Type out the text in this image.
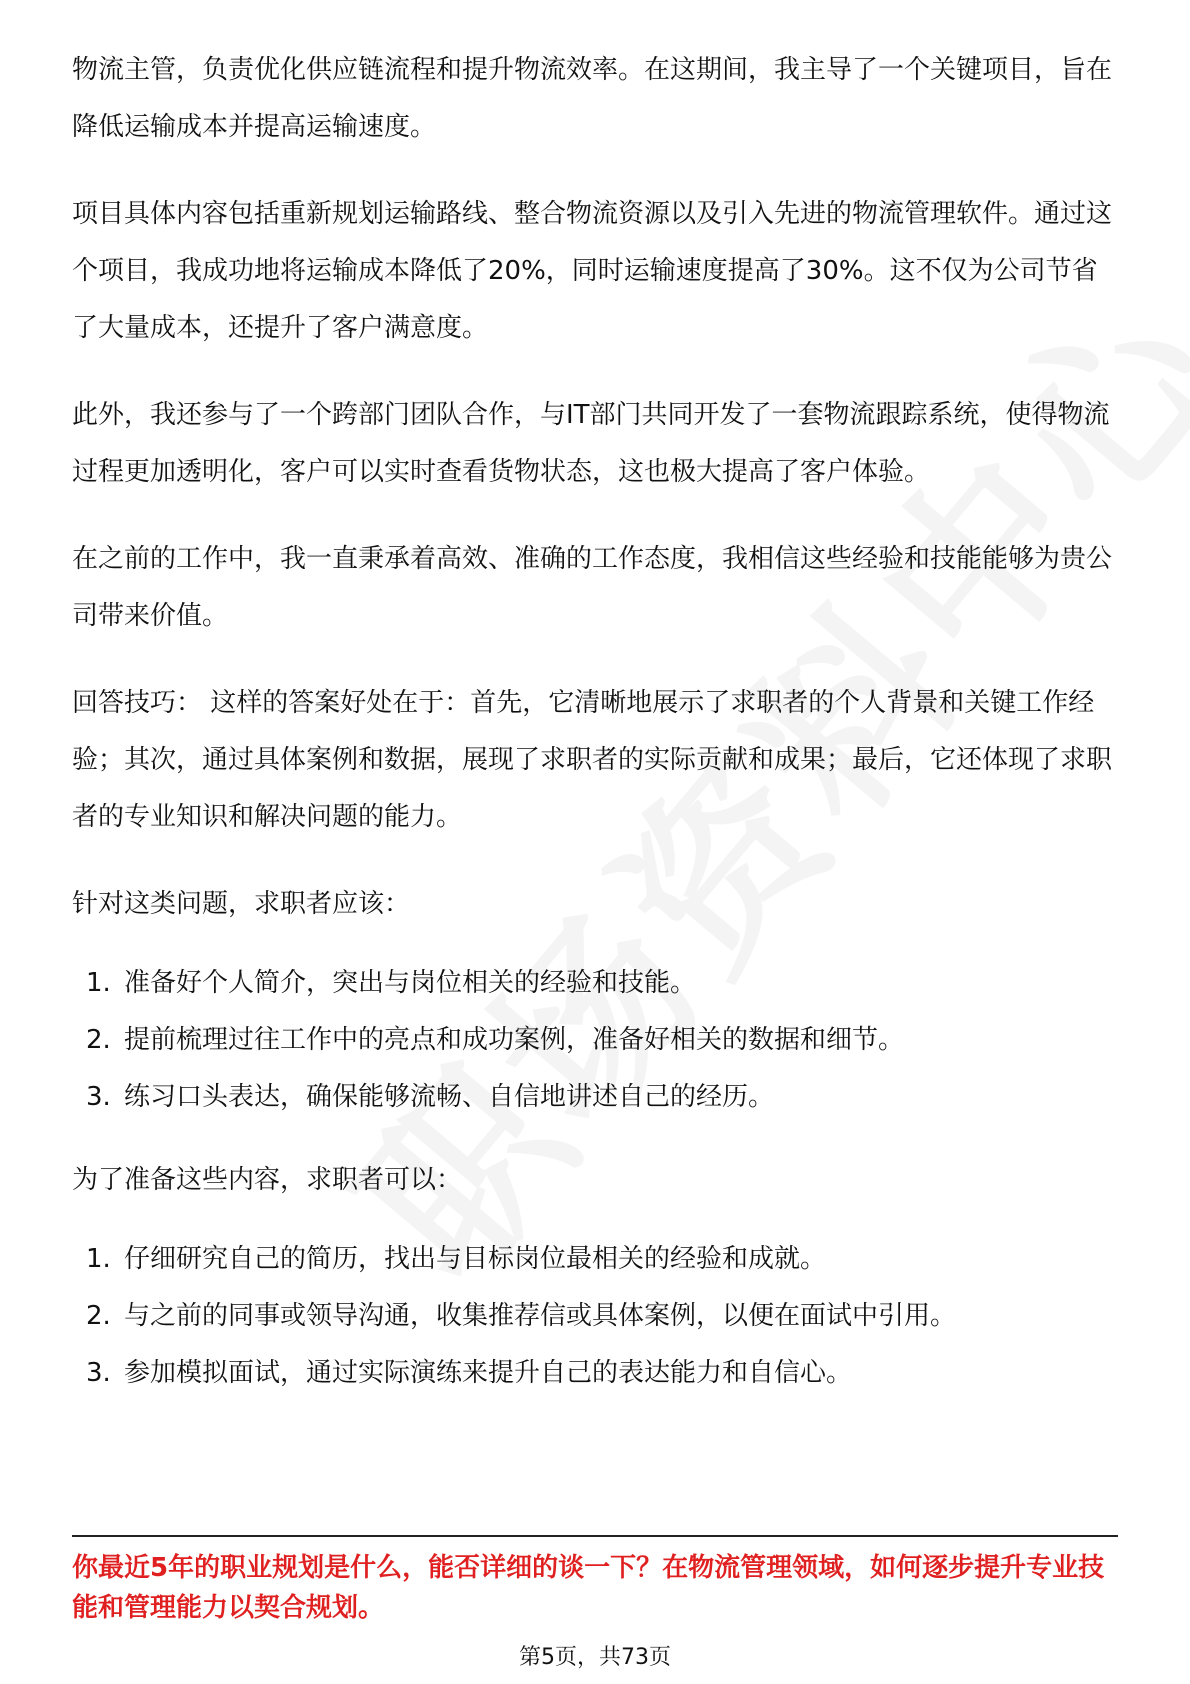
物流主管，负责优化供应链流程和提升物流效率。在这期间，我主导了一个关键项目，旨在降低运输成本并提高运输速度。

项目具体内容包括重新规划运输路线、整合物流资源以及引入先进的物流管理软件。通过这个项目，我成功地将运输成本降低了20%，同时运输速度提高了30%。这不仅为公司节省了大量成本，还提升了客户满意度。

此外，我还参与了一个跨部门团队合作，与IT部门共同开发了一套物流跟踪系统，使得物流过程更加透明化，客户可以实时查看货物状态，这也极大提高了客户体验。

在之前的工作中，我一直秉承着高效、准确的工作态度，我相信这些经验和技能能够为贵公司带来价值。

回答技巧： 这样的答案好处在于：首先，它清晰地展示了求职者的个人背景和关键工作经验；其次，通过具体案例和数据，展现了求职者的实际贡献和成果；最后，它还体现了求职者的专业知识和解决问题的能力。

针对这类问题，求职者应该：

1. 准备好个人简介，突出与岗位相关的经验和技能。
2. 提前梳理过往工作中的亮点和成功案例，准备好相关的数据和细节。
3. 练习口头表达，确保能够流畅、自信地讲述自己的经历。

为了准备这些内容，求职者可以：

1. 仔细研究自己的简历，找出与目标岗位最相关的经验和成就。
2. 与之前的同事或领导沟通，收集推荐信或具体案例，以便在面试中引用。
3. 参加模拟面试，通过实际演练来提升自己的表达能力和自信心。
你最近5年的职业规划是什么，能否详细的谈一下？在物流管理领域，如何逐步提升专业技能和管理能力以契合规划。
第5页，共73页
